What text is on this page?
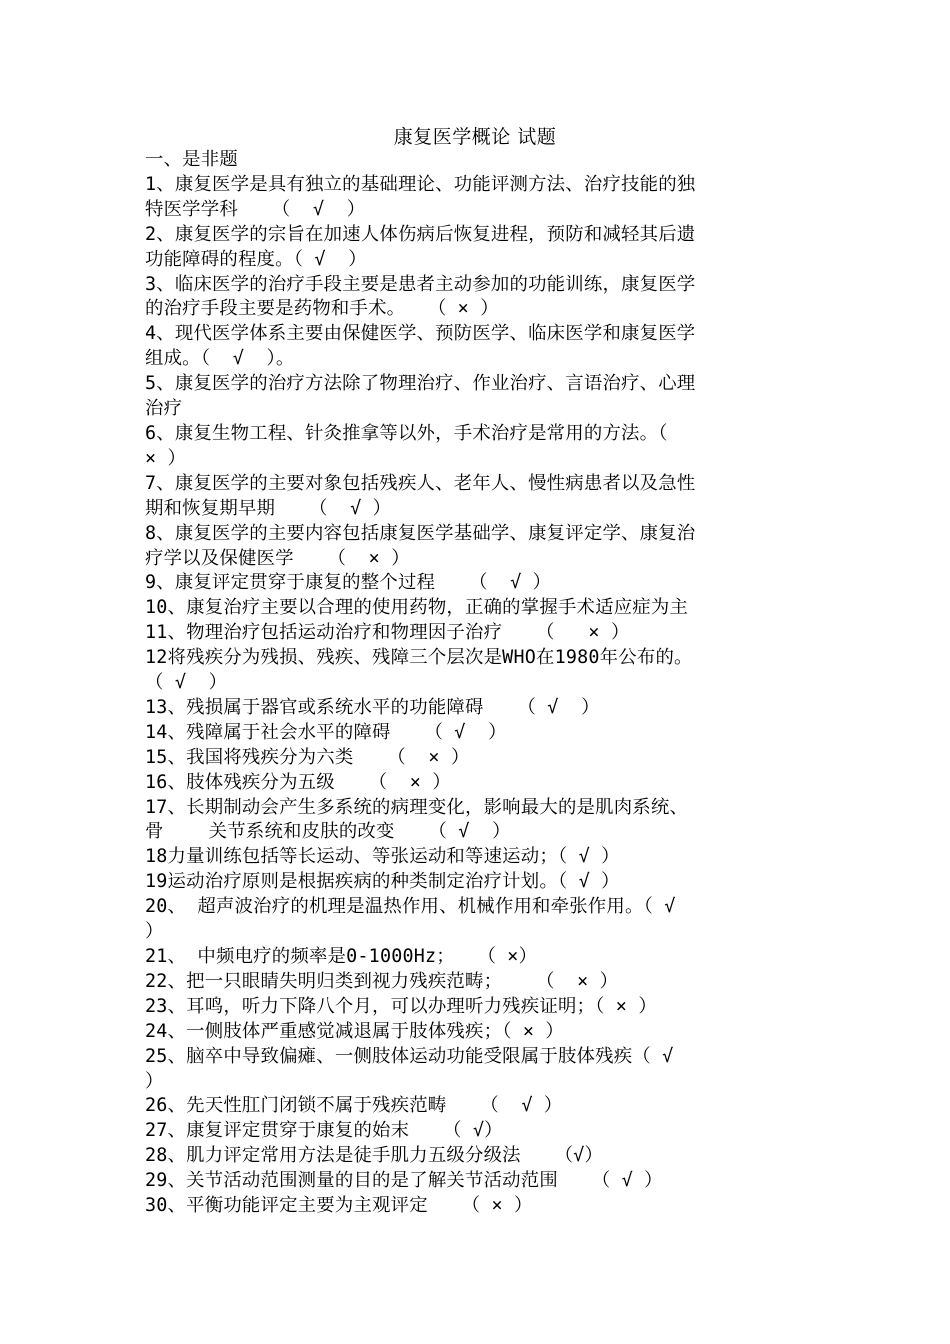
康复医学概论 试题
一、是非题
1、康复医学是具有独立的基础理论、功能评测方法、治疗技能的独
特医学学科   （  √  ）
2、康复医学的宗旨在加速人体伤病后恢复进程，预防和减轻其后遗
功能障碍的程度。（ √  ）
3、临床医学的治疗手段主要是患者主动参加的功能训练，康复医学
的治疗手段主要是药物和手术。  （ × ）
4、现代医学体系主要由保健医学、预防医学、临床医学和康复医学
组成。（  √  ）。
5、康复医学的治疗方法除了物理治疗、作业治疗、言语治疗、心理
治疗
6、康复生物工程、针灸推拿等以外，手术治疗是常用的方法。（
× ）
7、康复医学的主要对象包括残疾人、老年人、慢性病患者以及急性
期和恢复期早期   （  √ ）
8、康复医学的主要内容包括康复医学基础学、康复评定学、康复治
疗学以及保健医学   （  × ）
9、康复评定贯穿于康复的整个过程   （  √ ）
10、康复治疗主要以合理的使用药物，正确的掌握手术适应症为主
11、物理治疗包括运动治疗和物理因子治疗   （   × ）
12将残疾分为残损、残疾、残障三个层次是WHO在1980年公布的。
（ √  ）
13、残损属于器官或系统水平的功能障碍   （ √  ）
14、残障属于社会水平的障碍   （ √  ）
15、我国将残疾分为六类   （  × ）
16、肢体残疾分为五级   （  × ）
17、长期制动会产生多系统的病理变化，影响最大的是肌肉系统、
骨    关节系统和皮肤的改变   （ √  ）
18力量训练包括等长运动、等张运动和等速运动；（ √ ）
19运动治疗原则是根据疾病的种类制定治疗计划。（ √ ）
20、 超声波治疗的机理是温热作用、机械作用和牵张作用。（ √
）
21、 中频电疗的频率是0-1000Hz；  （ ×）
22、把一只眼睛失明归类到视力残疾范畴；   （  × ）
23、耳鸣，听力下降八个月，可以办理听力残疾证明；（ × ）
24、一侧肢体严重感觉减退属于肢体残疾；（ × ）
25、脑卒中导致偏瘫、一侧肢体运动功能受限属于肢体残疾（ √
）
26、先天性肛门闭锁不属于残疾范畴   （  √ ）
27、康复评定贯穿于康复的始末   （ √）
28、肌力评定常用方法是徒手肌力五级分级法   （√）
29、关节活动范围测量的目的是了解关节活动范围   （ √ ）
30、平衡功能评定主要为主观评定   （ × ）
